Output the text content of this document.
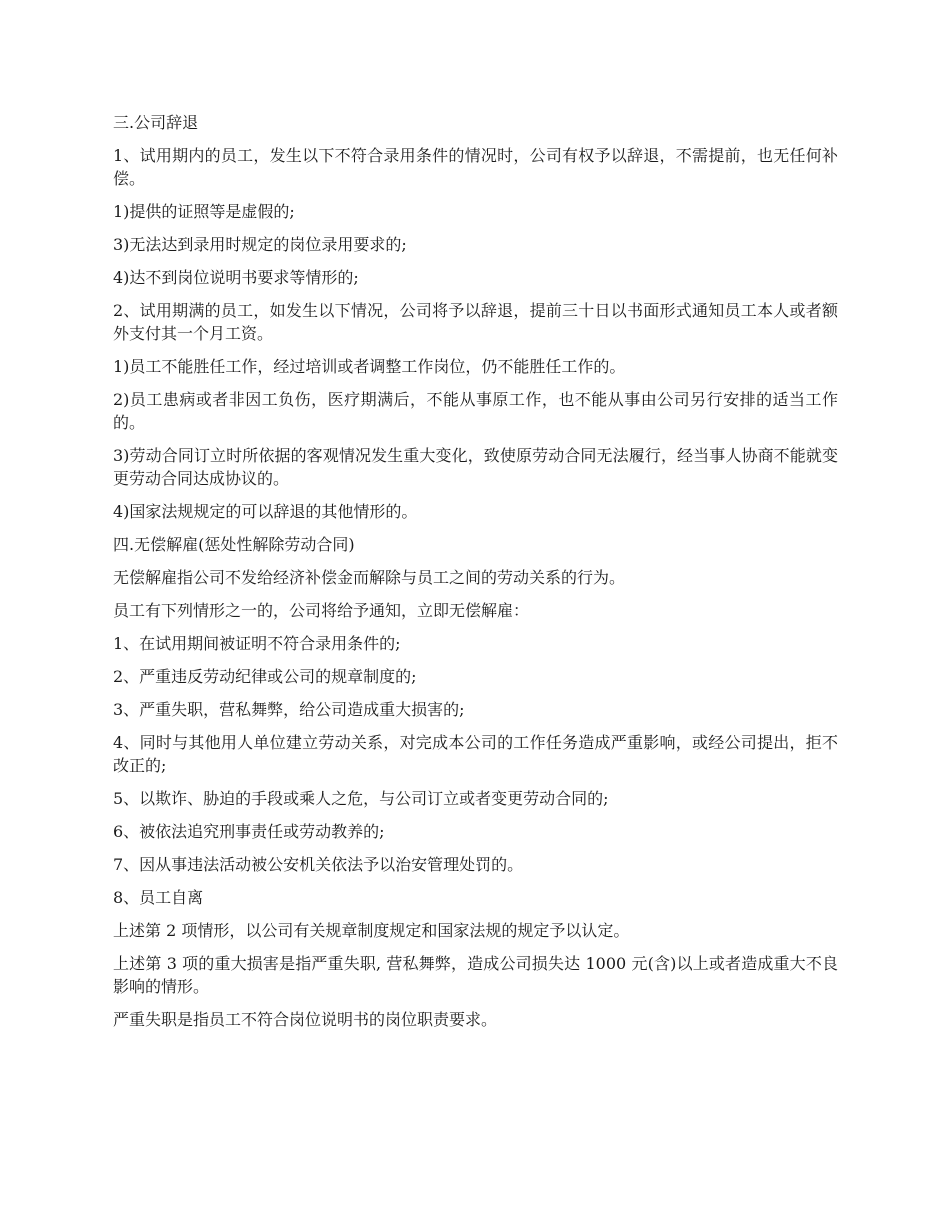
三.公司辞退

1、试用期内的员工，发生以下不符合录用条件的情况时，公司有权予以辞退，不需提前，也无任何补偿。

1)提供的证照等是虚假的;

3)无法达到录用时规定的岗位录用要求的;

4)达不到岗位说明书要求等情形的;

2、试用期满的员工，如发生以下情况，公司将予以辞退，提前三十日以书面形式通知员工本人或者额外支付其一个月工资。

1)员工不能胜任工作，经过培训或者调整工作岗位，仍不能胜任工作的。

2)员工患病或者非因工负伤，医疗期满后，不能从事原工作，也不能从事由公司另行安排的适当工作的。

3)劳动合同订立时所依据的客观情况发生重大变化，致使原劳动合同无法履行，经当事人协商不能就变更劳动合同达成协议的。

4)国家法规规定的可以辞退的其他情形的。

四.无偿解雇(惩处性解除劳动合同)

无偿解雇指公司不发给经济补偿金而解除与员工之间的劳动关系的行为。

员工有下列情形之一的，公司将给予通知，立即无偿解雇：

1、在试用期间被证明不符合录用条件的;

2、严重违反劳动纪律或公司的规章制度的;

3、严重失职，营私舞弊，给公司造成重大损害的;

4、同时与其他用人单位建立劳动关系，对完成本公司的工作任务造成严重影响，或经公司提出，拒不改正的;

5、以欺诈、胁迫的手段或乘人之危，与公司订立或者变更劳动合同的;

6、被依法追究刑事责任或劳动教养的;

7、因从事违法活动被公安机关依法予以治安管理处罚的。

8、员工自离

上述第 2 项情形，以公司有关规章制度规定和国家法规的规定予以认定。

上述第 3 项的重大损害是指严重失职, 营私舞弊，造成公司损失达 1000 元(含)以上或者造成重大不良影响的情形。

严重失职是指员工不符合岗位说明书的岗位职责要求。
